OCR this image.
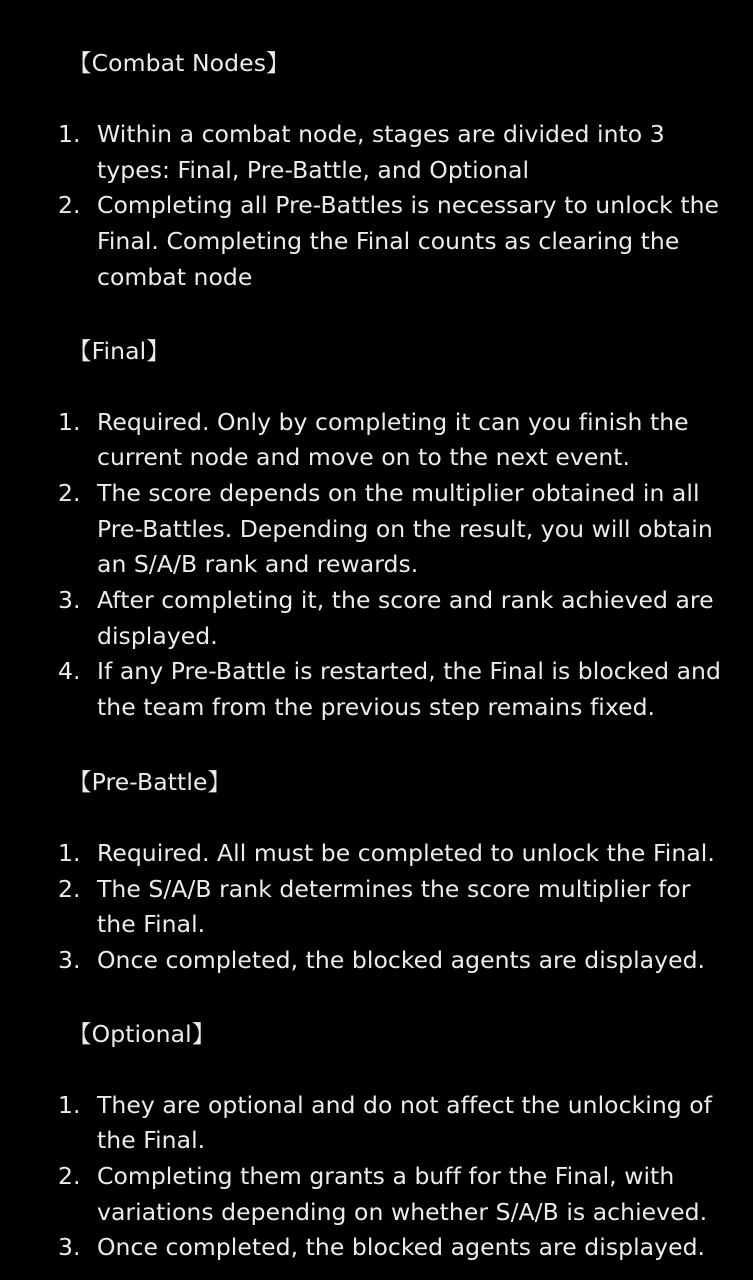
【Combat Nodes】
1. Within a combat node, stages are divided into 3 types: Final, Pre-Battle, and Optional
2. Completing all Pre-Battles is necessary to unlock the Final. Completing the Final counts as clearing the combat node
【Final】
1. Required. Only by completing it can you finish the current node and move on to the next event.
2. The score depends on the multiplier obtained in all Pre-Battles. Depending on the result, you will obtain an S/A/B rank and rewards.
3. After completing it, the score and rank achieved are displayed.
4. If any Pre-Battle is restarted, the Final is blocked and the team from the previous step remains fixed.
【Pre-Battle】
1. Required. All must be completed to unlock the Final.
2. The S/A/B rank determines the score multiplier for the Final.
3. Once completed, the blocked agents are displayed.
【Optional】
1. They are optional and do not affect the unlocking of the Final.
2. Completing them grants a buff for the Final, with variations depending on whether S/A/B is achieved.
3. Once completed, the blocked agents are displayed.
